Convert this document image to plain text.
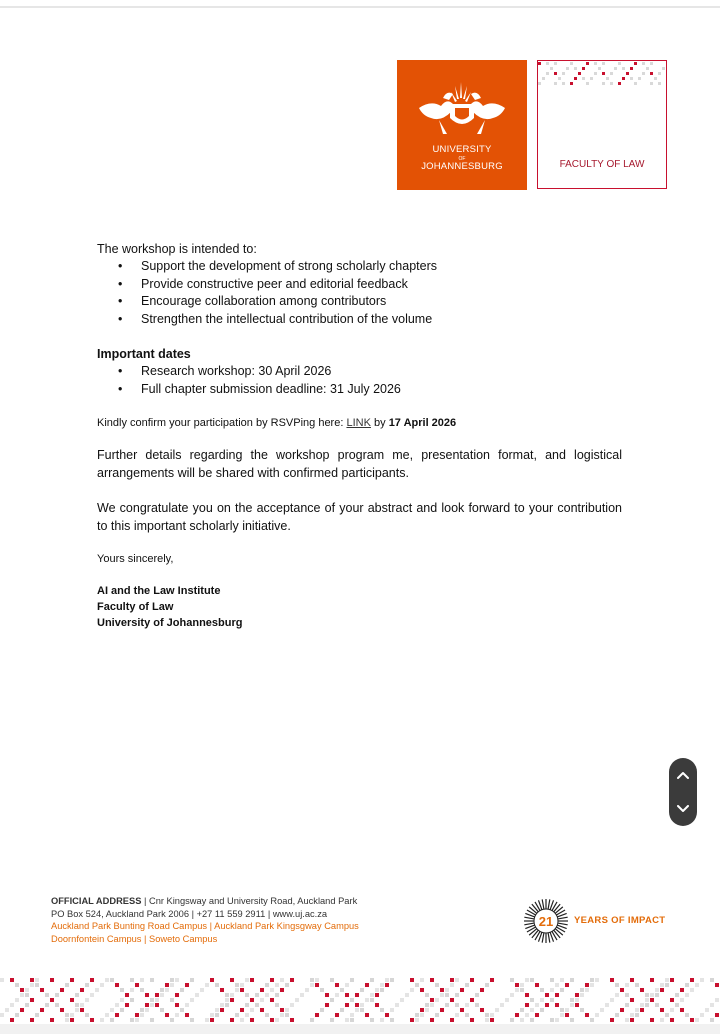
UNIVERSITY
OF
JOHANNESBURG	FACULTY OF LAW
The workshop is intended to:
• Support the development of strong scholarly chapters
• Provide constructive peer and editorial feedback
• Encourage collaboration among contributors
• Strengthen the intellectual contribution of the volume
Important dates
• Research workshop: 30 April 2026
• Full chapter submission deadline: 31 July 2026
Kindly confirm your participation by RSVPing here: LINK by 17 April 2026
Further details regarding the workshop program me, presentation format, and logistical arrangements will be shared with confirmed participants.
We congratulate you on the acceptance of your abstract and look forward to your contribution to this important scholarly initiative.
Yours sincerely,
AI and the Law Institute
Faculty of Law
University of Johannesburg
OFFICIAL ADDRESS | Cnr Kingsway and University Road, Auckland Park
PO Box 524, Auckland Park 2006 | +27 11 559 2911 | www.uj.ac.za
Auckland Park Bunting Road Campus | Auckland Park Kingsgway Campus
Doornfontein Campus | Soweto Campus
21 YEARS OF IMPACT
